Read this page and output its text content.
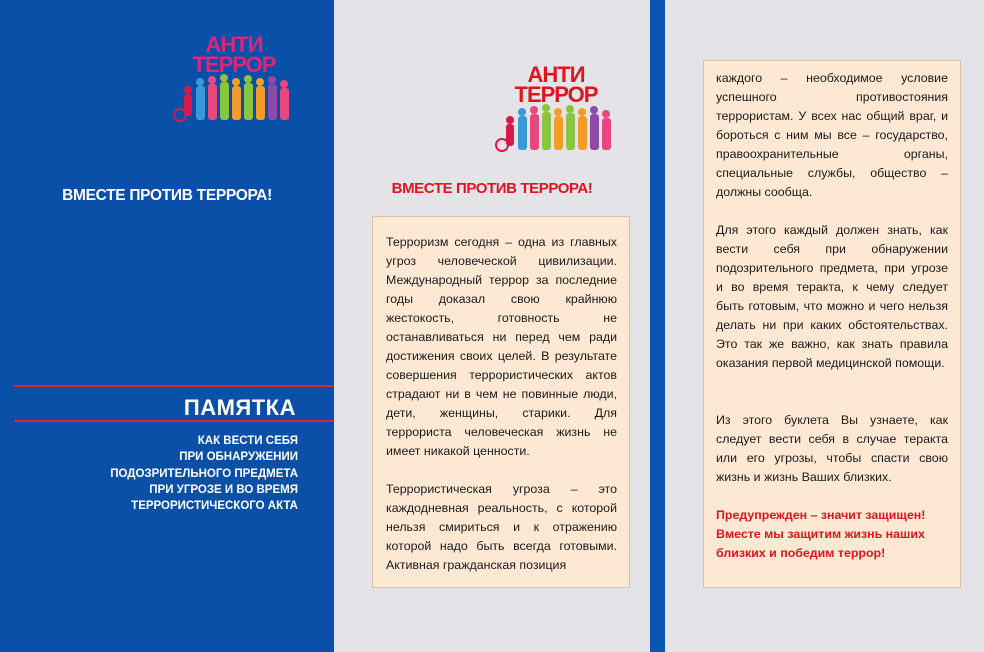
АНТИ
ТЕРРОР	АНТИ
ТЕРРОР
ВМЕСТЕ ПРОТИВ ТЕРРОРА!
ПАМЯТКА
КАК ВЕСТИ СЕБЯ
ПРИ ОБНАРУЖЕНИИ
ПОДОЗРИТЕЛЬНОГО ПРЕДМЕТА
ПРИ УГРОЗЕ И ВО ВРЕМЯ
ТЕРРОРИСТИЧЕСКОГО АКТА
ВМЕСТЕ ПРОТИВ ТЕРРОРА!

Терроризм сегодня – одна из главных угроз человеческой цивилизации. Международный террор за последние годы доказал свою крайнюю жестокость, готовность не останавливаться ни перед чем ради достижения своих целей. В результате совершения террористических актов страдают ни в чем не повинные люди, дети, женщины, старики. Для террориста человеческая жизнь не имеет никакой ценности.

Террористическая угроза – это каждодневная реальность, с которой нельзя смириться и к отражению которой надо быть всегда готовыми. Активная гражданская позиция

каждого – необходимое условие успешного противостояния террористам. У всех нас общий враг, и бороться с ним мы все – государство, правоохранительные органы, специальные службы, общество – должны сообща.

Для этого каждый должен знать, как вести себя при обнаружении подозрительного предмета, при угрозе и во время теракта, к чему следует быть готовым, что можно и чего нельзя делать ни при каких обстоятельствах. Это так же важно, как знать правила оказания первой медицинской помощи.

Из этого буклета Вы узнаете, как следует вести себя в случае теракта или его угрозы, чтобы спасти свою жизнь и жизнь Ваших близких.

Предупрежден – значит защищен! Вместе мы защитим жизнь наших близких и победим террор!
